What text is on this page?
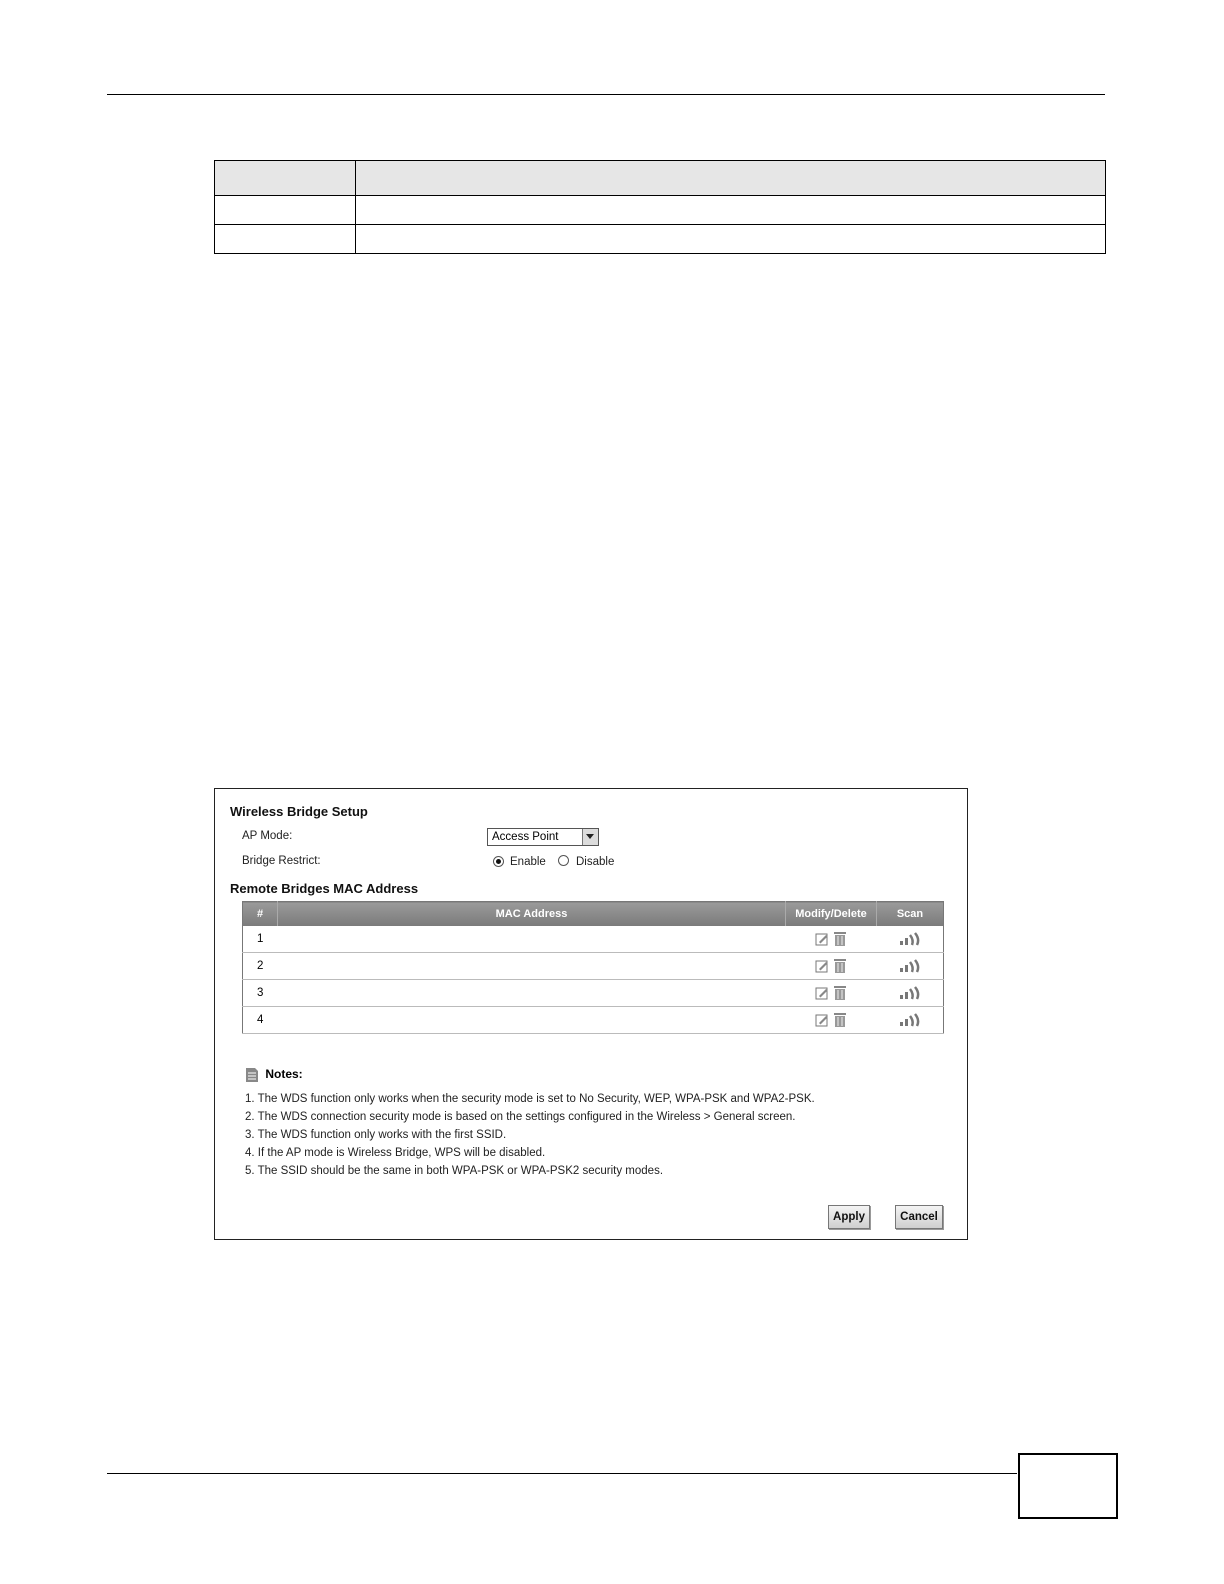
Wireless Bridge Setup
AP Mode:	Access Point
Bridge Restrict:	Enable	Disable
Remote Bridges MAC Address
#	MAC Address	Modify/Delete	Scan
1			
2			
3			
4			
Notes:
1. The WDS function only works when the security mode is set to No Security, WEP, WPA-PSK and WPA2-PSK.
2. The WDS connection security mode is based on the settings configured in the Wireless > General screen.
3. The WDS function only works with the first SSID.
4. If the AP mode is Wireless Bridge, WPS will be disabled.
5. The SSID should be the same in both WPA-PSK or WPA-PSK2 security modes.
Apply	Cancel
